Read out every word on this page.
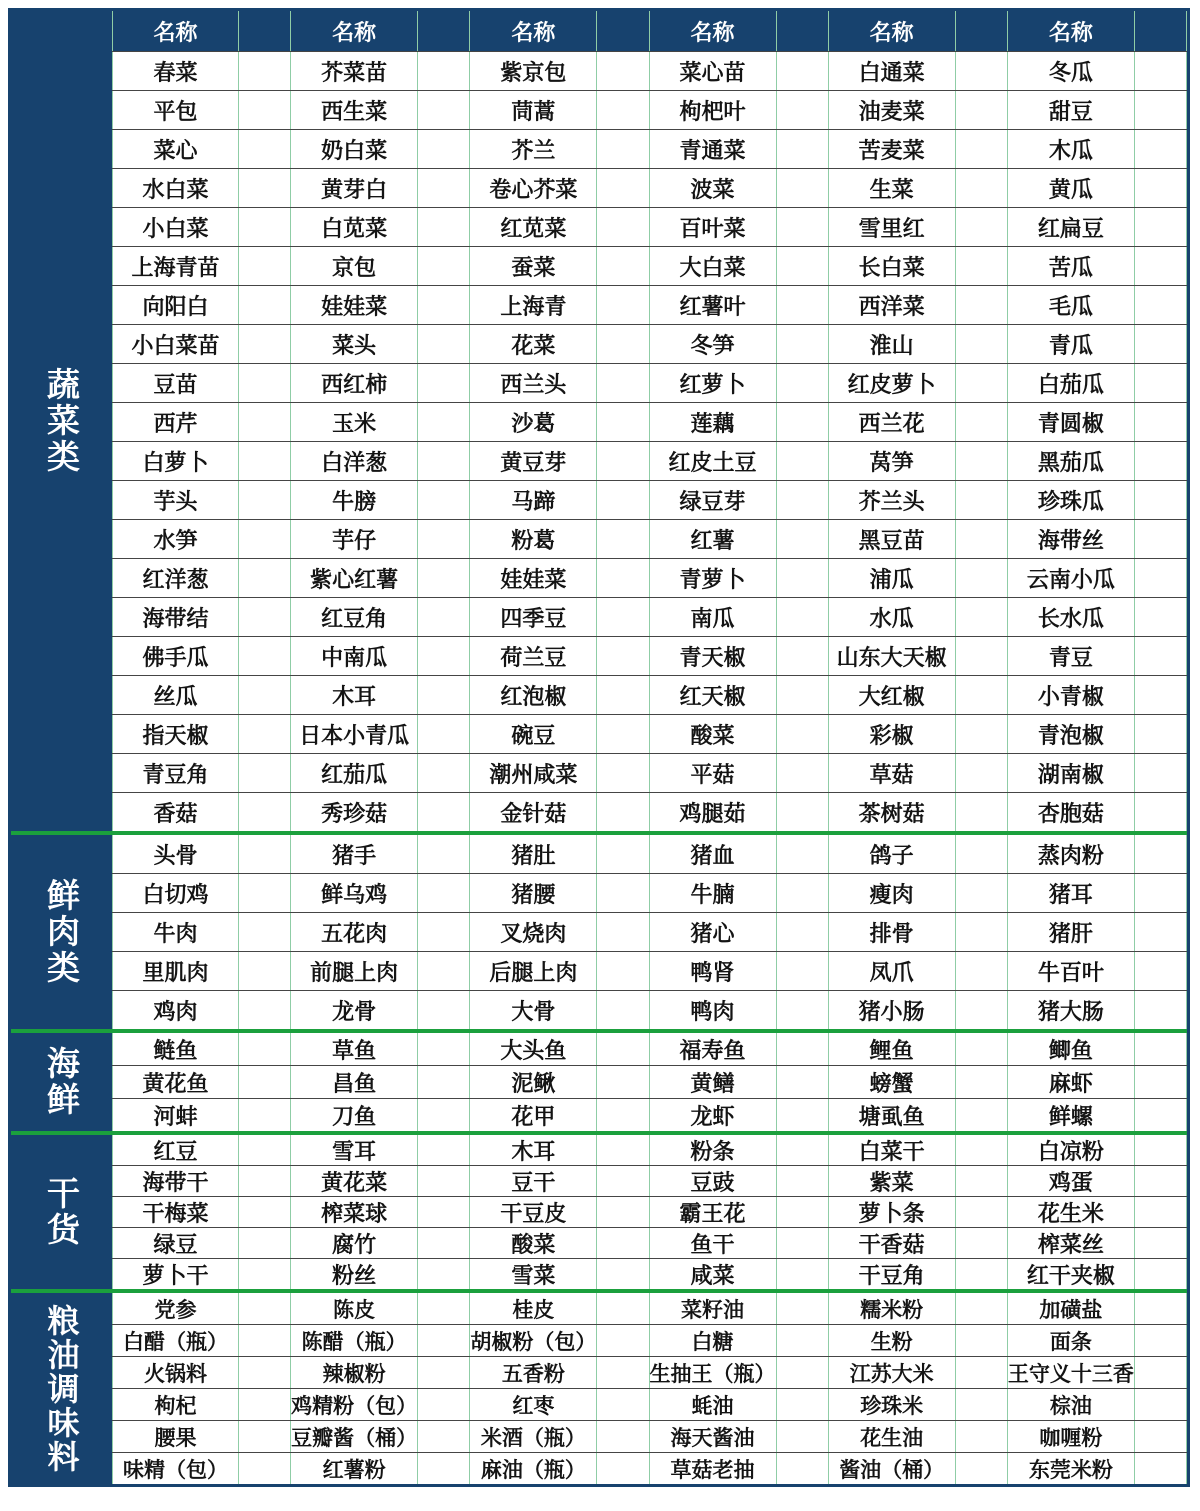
蔬菜类
名称	名称	名称	名称	名称	名称
春菜	芥菜苗	紫京包	菜心苗	白通菜	冬瓜
平包	西生菜	茼蒿	枸杷叶	油麦菜	甜豆
菜心	奶白菜	芥兰	青通菜	苦麦菜	木瓜
水白菜	黄芽白	卷心芥菜	波菜	生菜	黄瓜
小白菜	白苋菜	红苋菜	百叶菜	雪里红	红扁豆
上海青苗	京包	蚕菜	大白菜	长白菜	苦瓜
向阳白	娃娃菜	上海青	红薯叶	西洋菜	毛瓜
小白菜苗	菜头	花菜	冬笋	淮山	青瓜
豆苗	西红柿	西兰头	红萝卜	红皮萝卜	白茄瓜
西芹	玉米	沙葛	莲藕	西兰花	青圆椒
白萝卜	白洋葱	黄豆芽	红皮土豆	莴笋	黑茄瓜
芋头	牛膀	马蹄	绿豆芽	芥兰头	珍珠瓜
水笋	芋仔	粉葛	红薯	黑豆苗	海带丝
红洋葱	紫心红薯	娃娃菜	青萝卜	浦瓜	云南小瓜
海带结	红豆角	四季豆	南瓜	水瓜	长水瓜
佛手瓜	中南瓜	荷兰豆	青天椒	山东大天椒	青豆
丝瓜	木耳	红泡椒	红天椒	大红椒	小青椒
指天椒	日本小青瓜	碗豆	酸菜	彩椒	青泡椒
青豆角	红茄瓜	潮州咸菜	平菇	草菇	湖南椒
香菇	秀珍菇	金针菇	鸡腿茹	茶树菇	杏胞菇
鲜肉类
头骨	猪手	猪肚	猪血	鸽子	蒸肉粉
白切鸡	鲜乌鸡	猪腰	牛腩	瘦肉	猪耳
牛肉	五花肉	叉烧肉	猪心	排骨	猪肝
里肌肉	前腿上肉	后腿上肉	鸭肾	凤爪	牛百叶
鸡肉	龙骨	大骨	鸭肉	猪小肠	猪大肠
海鲜	鲢鱼	草鱼	大头鱼	福寿鱼	鲤鱼	鲫鱼
黄花鱼	昌鱼	泥鳅	黄鳝	螃蟹	麻虾
河蚌	刀鱼	花甲	龙虾	塘虱鱼	鲜螺
干货
红豆	雪耳	木耳	粉条	白菜干	白凉粉
海带干	黄花菜	豆干	豆豉	紫菜	鸡蛋
干梅菜	榨菜球	干豆皮	霸王花	萝卜条	花生米
绿豆	腐竹	酸菜	鱼干	干香菇	榨菜丝
萝卜干	粉丝	雪菜	咸菜	干豆角	红干夹椒
粮油调味料	党参	陈皮	桂皮	菜籽油	糯米粉	加磺盐
白醋（瓶）	陈醋（瓶）	胡椒粉（包）	白糖	生粉	面条
火锅料	辣椒粉	五香粉	生抽王（瓶）	江苏大米	王守义十三香
枸杞	鸡精粉（包）	红枣	蚝油	珍珠米	棕油
腰果	豆瓣酱（桶）	米酒（瓶）	海天酱油	花生油	咖喱粉
味精（包）	红薯粉	麻油（瓶）	草菇老抽	酱油（桶）	东莞米粉
